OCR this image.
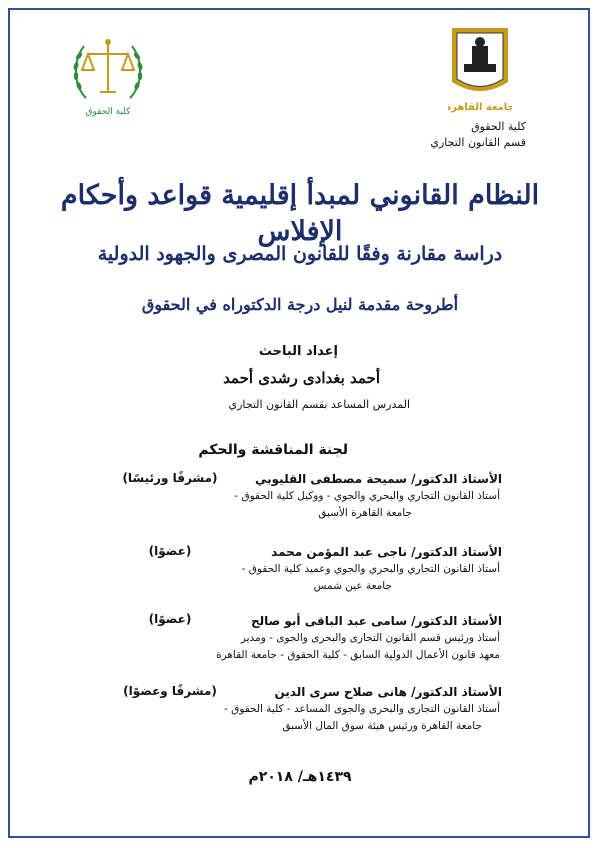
كلية الحقوق	جامعة القاهرة
كلية الحقوق
قسم القانون التجاري
النظام القانوني لمبدأ إقليمية قواعد وأحكام الإفلاس
دراسة مقارنة وفقًا للقانون المصرى والجهود الدولية
أطروحة مقدمة لنيل درجة الدكتوراه في الحقوق
إعداد الباحث
أحمد بغدادى رشدى أحمد
المدرس المساعد بقسم القانون التجاري
لجنة المناقشة والحكم
الأستاذ الدكتور/ سميحة مصطفى القليوبي
أستاذ القانون التجاري والبحري والجوي - ووكيل كلية الحقوق -
جامعة القاهرة الأسبق
(مشرفًا ورئيسًا)
الأستاذ الدكتور/ ناجى عبد المؤمن محمد
أستاذ القانون التجاري والبحري والجوي وعميد كلية الحقوق -
جامعة عين شمس
(عضوًا)
الأستاذ الدكتور/ سامى عبد الباقى أبو صالح
أستاذ ورئيس قسم القانون التجارى والبحرى والجوى - ومدير
معهد قانون الأعمال الدولية السابق - كلية الحقوق - جامعة القاهرة
(عضوًا)
الأستاذ الدكتور/ هانى صلاح سرى الدين
أستاذ القانون التجارى والبحرى والجوى المساعد - كلية الحقوق -
جامعة القاهرة ورئيس هيئة سوق المال الأسبق
(مشرفًا وعضوًا)
١٤٣٩هـ/ ٢٠١٨م
